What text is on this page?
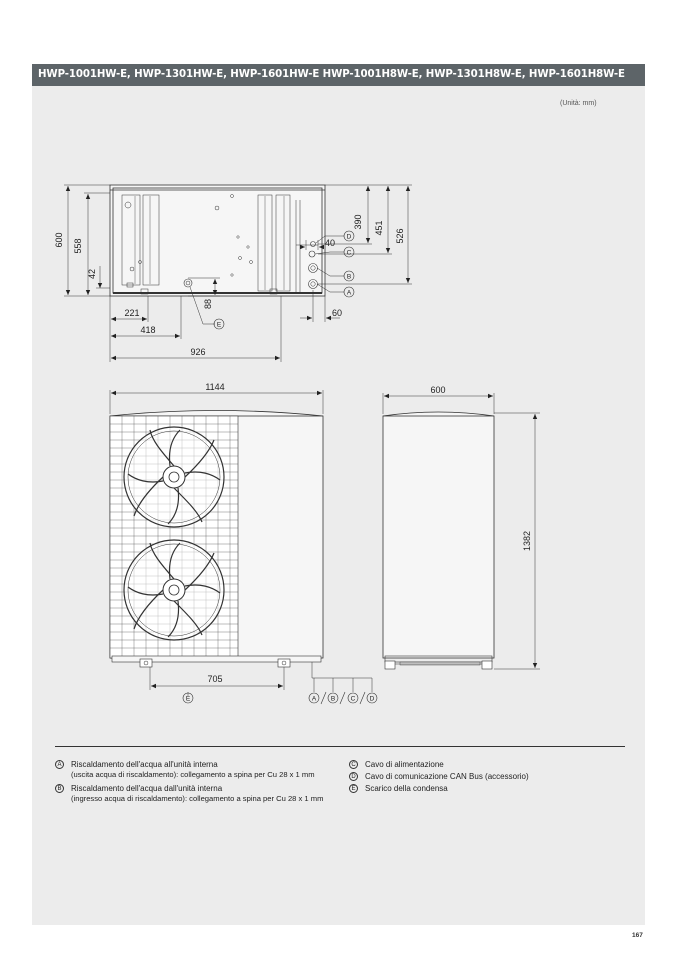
HWP-1001HW-E, HWP-1301HW-E, HWP-1601HW-E HWP-1001H8W-E, HWP-1301H8W-E, HWP-1601H8W-E
(Unità: mm)
600 558
42
221
418
926
88
390 451
526
40
60
D
C
B
A
E
1144
705
E	A B C D
600
1382
A	Riscaldamento dell'acqua all'unità interna
(uscita acqua di riscaldamento): collegamento a spina per Cu 28 x 1 mm
B	Riscaldamento dell'acqua dall'unità interna
(ingresso acqua di riscaldamento): collegamento a spina per Cu 28 x 1 mm
C Cavo di alimentazione
D Cavo di comunicazione CAN Bus (accessorio)
E	Scarico della condensa
167
